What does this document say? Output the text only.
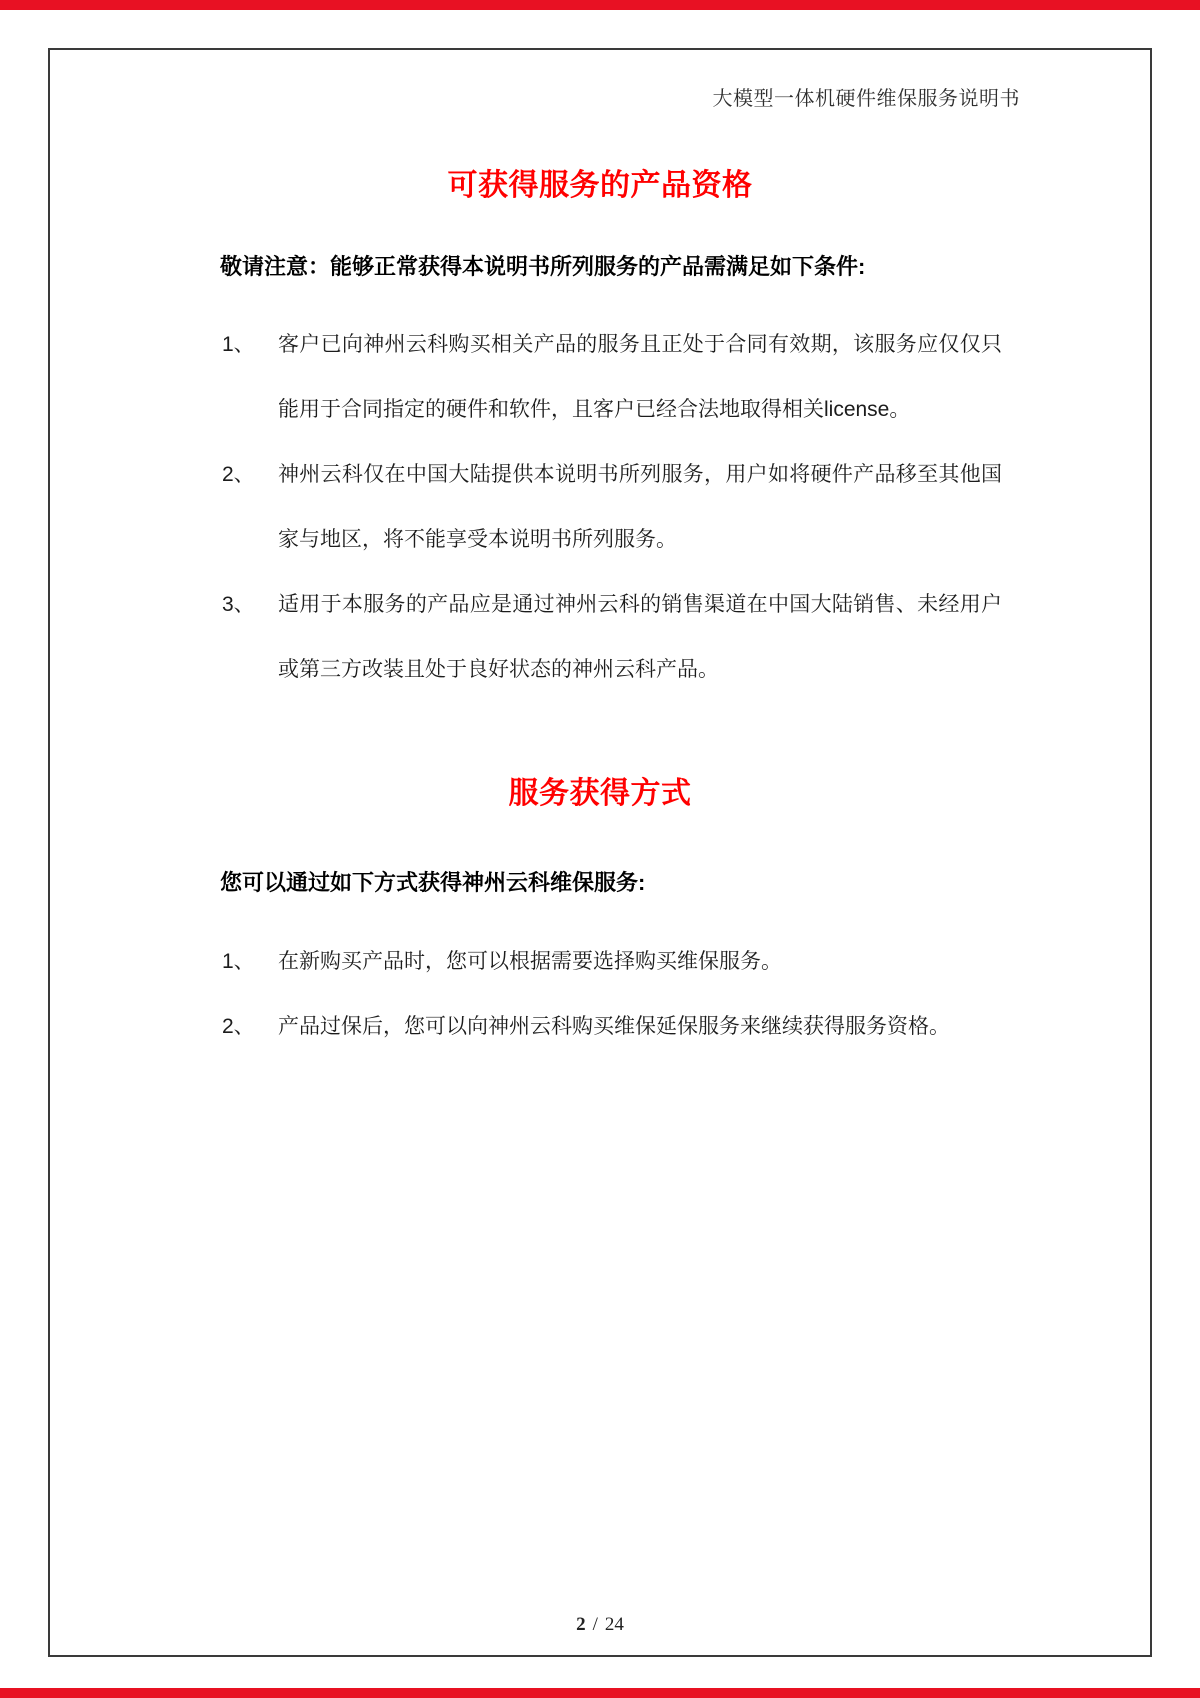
大模型一体机硬件维保服务说明书
可获得服务的产品资格

敬请注意：能够正常获得本说明书所列服务的产品需满足如下条件:

1、 客户已向神州云科购买相关产品的服务且正处于合同有效期，该服务应仅仅只
能用于合同指定的硬件和软件，且客户已经合法地取得相关license。
2、 神州云科仅在中国大陆提供本说明书所列服务，用户如将硬件产品移至其他国
家与地区，将不能享受本说明书所列服务。
3、 适用于本服务的产品应是通过神州云科的销售渠道在中国大陆销售、未经用户
或第三方改装且处于良好状态的神州云科产品。
服务获得方式

您可以通过如下方式获得神州云科维保服务:

1、 在新购买产品时，您可以根据需要选择购买维保服务。
2、 产品过保后，您可以向神州云科购买维保延保服务来继续获得服务资格。
2 / 24
